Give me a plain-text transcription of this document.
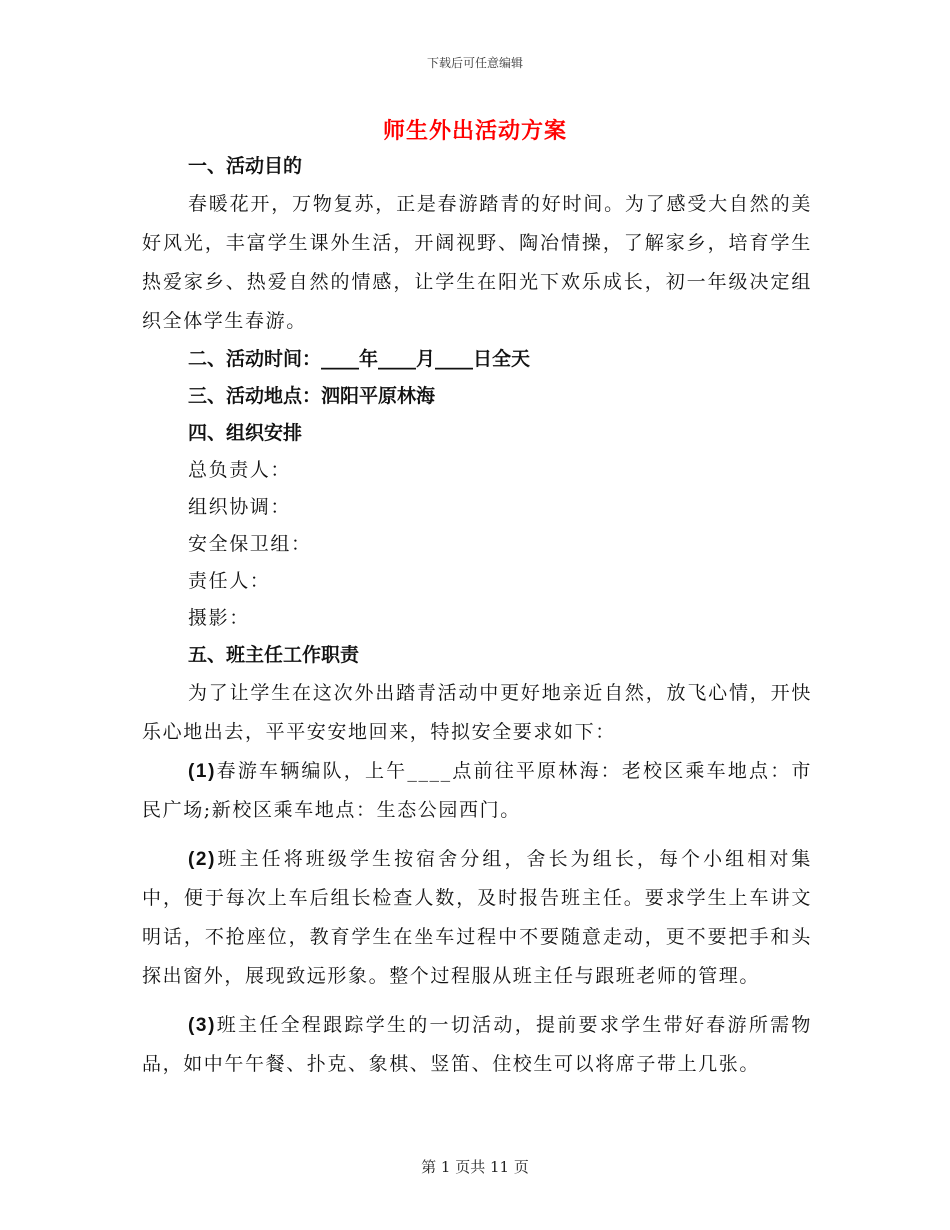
下载后可任意编辑
师生外出活动方案
一、活动目的
春暖花开，万物复苏，正是春游踏青的好时间。为了感受大自然的美好风光，丰富学生课外生活，开阔视野、陶冶情操，了解家乡，培育学生热爱家乡、热爱自然的情感，让学生在阳光下欢乐成长，初一年级决定组织全体学生春游。
二、活动时间：____年____月____日全天
三、活动地点：泗阳平原林海
四、组织安排
总负责人：
组织协调：
安全保卫组：
责任人：
摄影：
五、班主任工作职责
为了让学生在这次外出踏青活动中更好地亲近自然，放飞心情，开快乐心地出去，平平安安地回来，特拟安全要求如下：
(1)春游车辆编队，上午____点前往平原林海：老校区乘车地点：市民广场;新校区乘车地点：生态公园西门。
(2)班主任将班级学生按宿舍分组，舍长为组长，每个小组相对集中，便于每次上车后组长检查人数，及时报告班主任。要求学生上车讲文明话，不抢座位，教育学生在坐车过程中不要随意走动，更不要把手和头探出窗外，展现致远形象。整个过程服从班主任与跟班老师的管理。
(3)班主任全程跟踪学生的一切活动，提前要求学生带好春游所需物品，如中午午餐、扑克、象棋、竖笛、住校生可以将席子带上几张。
第 1 页共 11 页
